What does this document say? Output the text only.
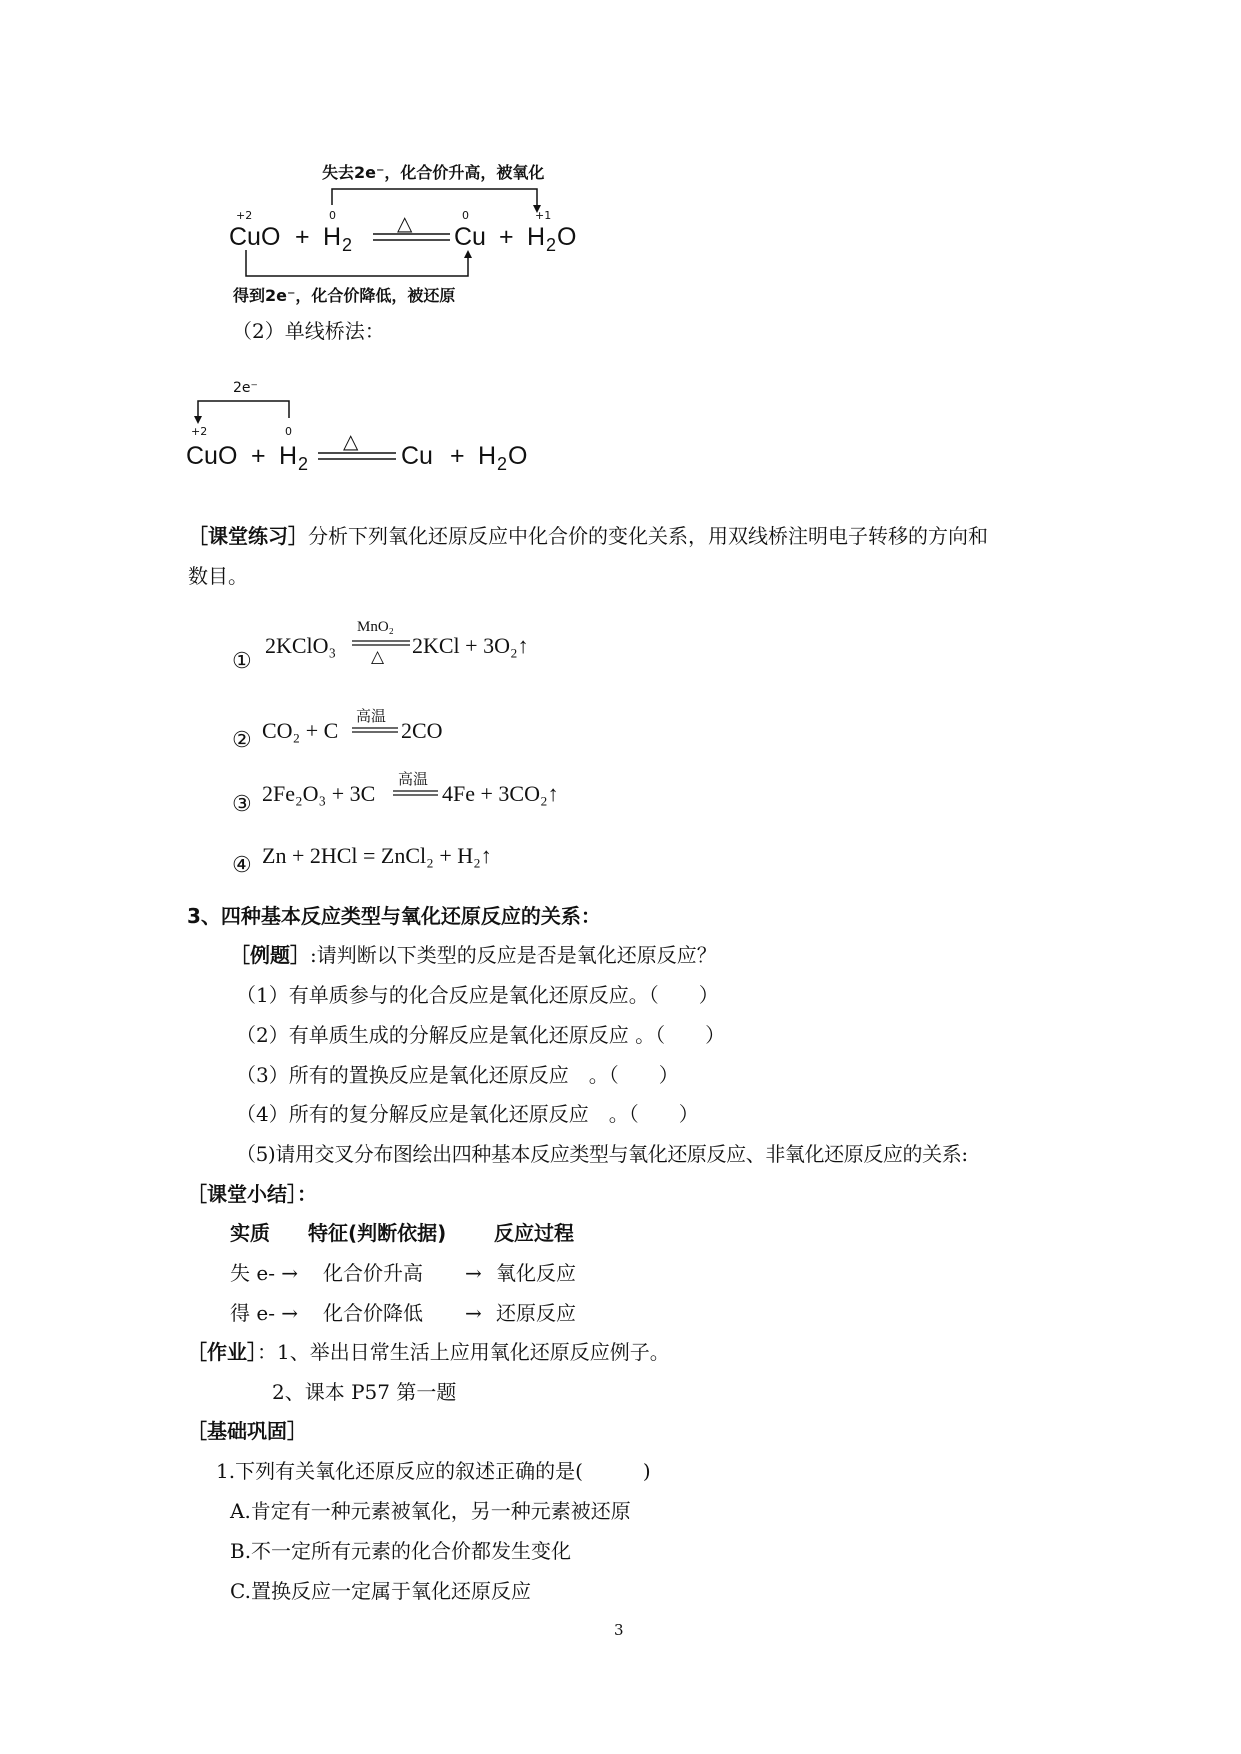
失去2e⁻，化合价升高，被氧化
+2	0	0	+1
CuO + H 2
△ Cu + H 2 O
得到2e⁻，化合价降低，被还原
（2）单线桥法：
2e⁻
+2	0
CuO + H 2
△
Cu + H 2 O
［课堂练习］分析下列氧化还原反应中化合价的变化关系，用双线桥注明电子转移的方向和
数目。
①
2KClO₃
MnO₂
△ 2KCl + 3O₂↑
② CO₂ + C
高温
2CO
③ 2Fe₂O₃ + 3C
高温
4Fe + 3CO₂↑
④ Zn + 2HCl = ZnCl₂ + H₂↑
3、四种基本反应类型与氧化还原反应的关系：
［例题］:请判断以下类型的反应是否是氧化还原反应？
（1）有单质参与的化合反应是氧化还原反应。（　　）
（2）有单质生成的分解反应是氧化还原反应 。（　　）
（3）所有的置换反应是氧化还原反应　。（　　）
（4）所有的复分解反应是氧化还原反应　。（　　）
（5)请用交叉分布图绘出四种基本反应类型与氧化还原反应、非氧化还原反应的关系:
［课堂小结］：
实质 特征(判断依据) 反应过程
失 e- → 化合价升高 → 氧化反应
得 e- → 化合价降低 → 还原反应
［作业］：1、举出日常生活上应用氧化还原反应例子。
2、课本 P57 第一题
［基础巩固］
1.下列有关氧化还原反应的叙述正确的是(　　　)
A.肯定有一种元素被氧化，另一种元素被还原
B.不一定所有元素的化合价都发生变化
C.置换反应一定属于氧化还原反应
3
